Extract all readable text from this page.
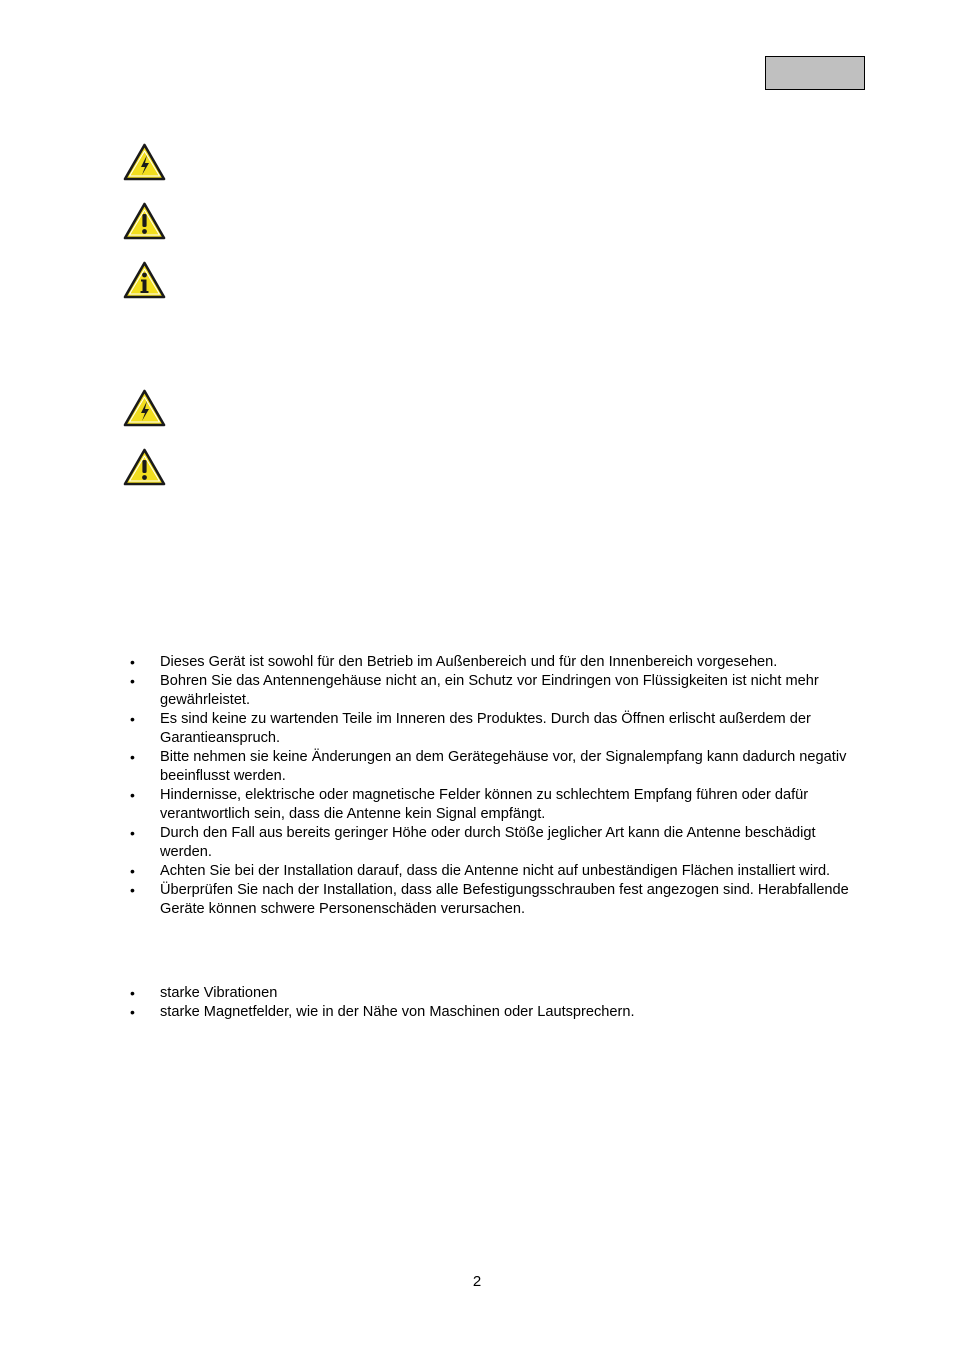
• Dieses Gerät ist sowohl für den Betrieb im Außenbereich und für den Innenbereich vorgesehen.
• Bohren Sie das Antennengehäuse nicht an, ein Schutz vor Eindringen von Flüssigkeiten ist nicht mehr gewährleistet.
• Es sind keine zu wartenden Teile im Inneren des Produktes. Durch das Öffnen erlischt außerdem der Garantieanspruch.
• Bitte nehmen sie keine Änderungen an dem Gerätegehäuse vor, der Signalempfang kann dadurch negativ beeinflusst werden.
• Hindernisse, elektrische oder magnetische Felder können zu schlechtem Empfang führen oder dafür verantwortlich sein, dass die Antenne kein Signal empfängt.
• Durch den Fall aus bereits geringer Höhe oder durch Stöße jeglicher Art kann die Antenne beschädigt werden.
• Achten Sie bei der Installation darauf, dass die Antenne nicht auf unbeständigen Flächen installiert wird.
• Überprüfen Sie nach der Installation, dass alle Befestigungsschrauben fest angezogen sind. Herabfallende Geräte können schwere Personenschäden verursachen.
• starke Vibrationen
• starke Magnetfelder, wie in der Nähe von Maschinen oder Lautsprechern.
2
